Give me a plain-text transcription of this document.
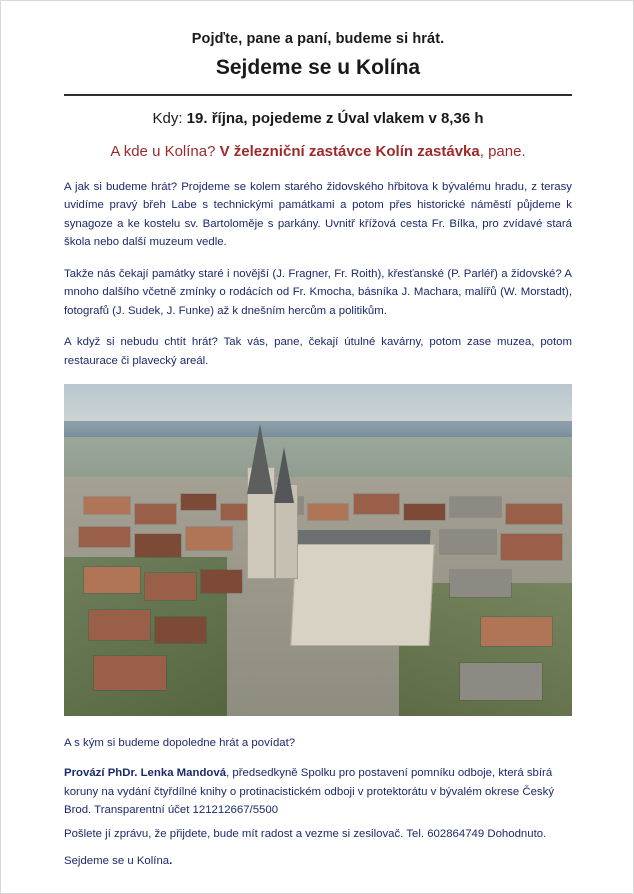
Pojďte, pane a paní, budeme si hrát.
Sejdeme se u Kolína
Kdy: 19. října, pojedeme z Úval vlakem v 8,36 h
A kde u Kolína? V železniční zastávce Kolín zastávka, pane.

A jak si budeme hrát? Projdeme se kolem starého židovského hřbitova k bývalému hradu, z terasy uvidíme pravý břeh Labe s technickými památkami a potom přes historické náměstí půjdeme k synagoze a ke kostelu sv. Bartoloměje s parkány. Uvnitř křížová cesta Fr. Bílka, pro zvídavé stará škola nebo další muzeum vedle.

Takže nás čekají památky staré i novější (J. Fragner, Fr. Roith), křesťanské (P. Parléř) a židovské? A mnoho dalšího včetně zmínky o rodácích od Fr. Kmocha, básníka J. Machara, malířů (W. Morstadt), fotografů (J. Sudek, J. Funke) až k dnešním hercům a politikům.

A když si nebudu chtít hrát? Tak vás, pane, čekají útulné kavárny, potom zase muzea, potom restaurace či plavecký areál.

A s kým si budeme dopoledne hrát a povídat?

Provází PhDr. Lenka Mandová, předsedkyně Spolku pro postavení pomníku odboje, která sbírá koruny na vydání čtyřdílné knihy o protinacistickém odboji v protektorátu v bývalém okrese Český Brod. Transparentní účet 121212667/5500

Pošlete jí zprávu, že přijdete, bude mít radost a vezme si zesilovač. Tel. 602864749 Dohodnuto.

Sejdeme se u Kolína.
